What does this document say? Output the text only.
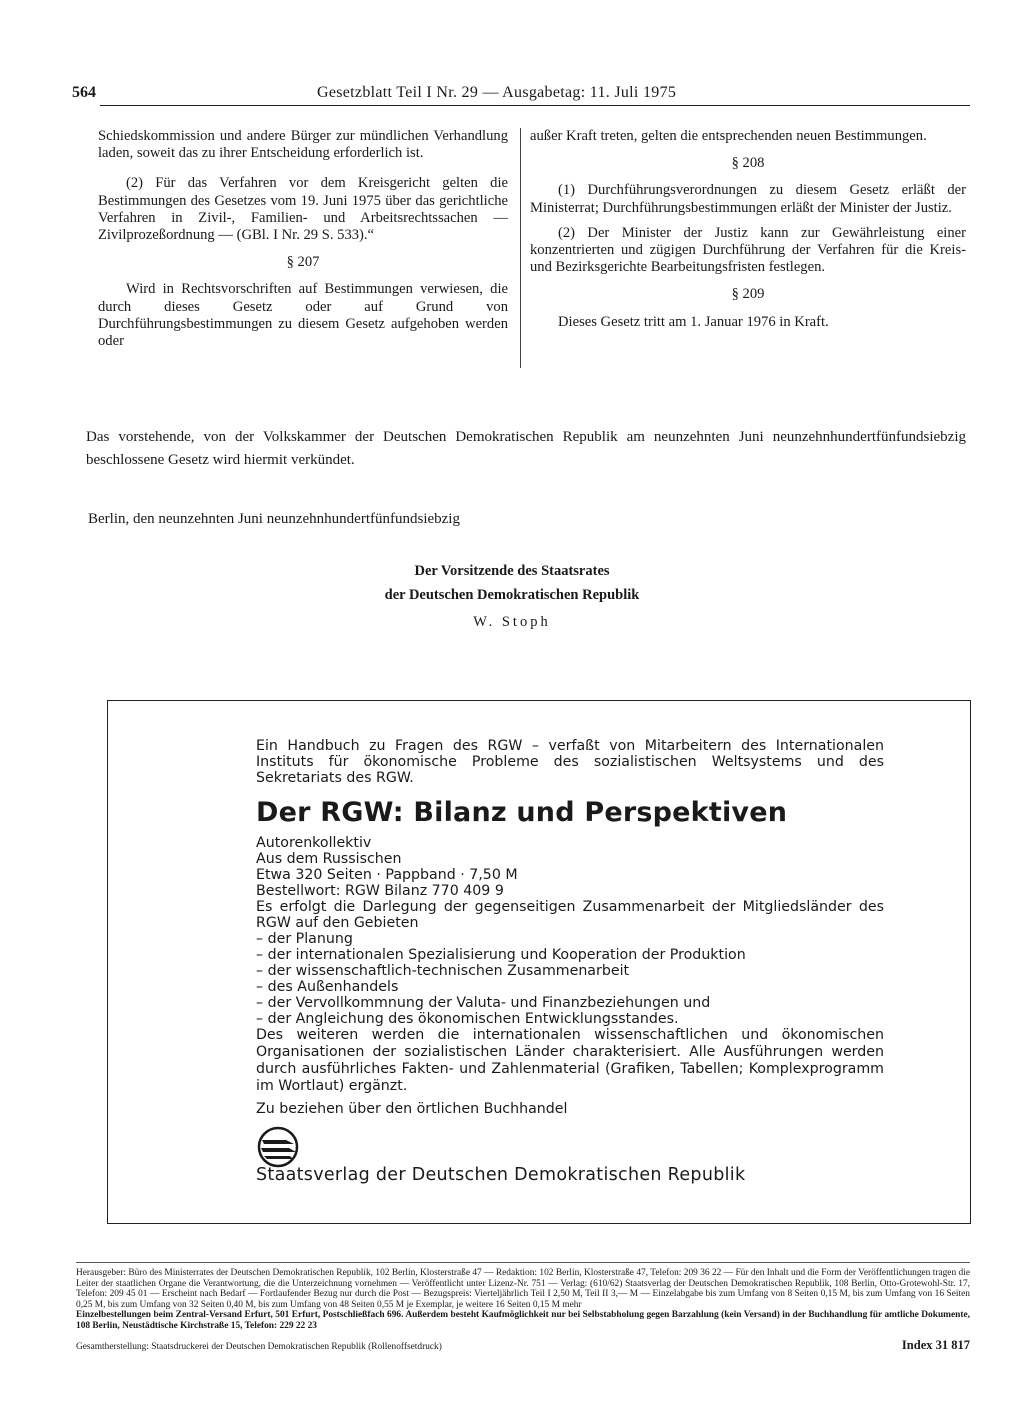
564	Gesetzblatt Teil I Nr. 29 — Ausgabetag: 11. Juli 1975

Schiedskommission und andere Bürger zur mündlichen Verhandlung laden, soweit das zu ihrer Entscheidung erforderlich ist.

(2) Für das Verfahren vor dem Kreisgericht gelten die Bestimmungen des Gesetzes vom 19. Juni 1975 über das gerichtliche Verfahren in Zivil-, Familien- und Arbeitsrechtssachen — Zivilprozeßordnung — (GBl. I Nr. 29 S. 533).“

§ 207

Wird in Rechtsvorschriften auf Bestimmungen verwiesen, die durch dieses Gesetz oder auf Grund von Durchführungsbestimmungen zu diesem Gesetz aufgehoben werden oder

außer Kraft treten, gelten die entsprechenden neuen Bestimmungen.

§ 208

(1) Durchführungsverordnungen zu diesem Gesetz erläßt der Ministerrat; Durchführungsbestimmungen erläßt der Minister der Justiz.

(2) Der Minister der Justiz kann zur Gewährleistung einer konzentrierten und zügigen Durchführung der Verfahren für die Kreis- und Bezirksgerichte Bearbeitungsfristen festlegen.

§ 209

Dieses Gesetz tritt am 1. Januar 1976 in Kraft.

Das vorstehende, von der Volkskammer der Deutschen Demokratischen Republik am neunzehnten Juni neunzehnhundertfünfundsiebzig beschlossene Gesetz wird hiermit verkündet.
Berlin, den neunzehnten Juni neunzehnhundertfünfundsiebzig
Der Vorsitzende des Staatsrates
der Deutschen Demokratischen Republik
W. Stoph
Ein Handbuch zu Fragen des RGW – verfaßt von Mitarbeitern des Internationalen Instituts für ökonomische Probleme des sozialistischen Weltsystems und des Sekretariats des RGW.
Der RGW: Bilanz und Perspektiven

Autorenkollektiv

Aus dem Russischen

Etwa 320 Seiten · Pappband · 7,50 M

Bestellwort: RGW Bilanz 770 409 9

Es erfolgt die Darlegung der gegenseitigen Zusammenarbeit der Mitgliedsländer des RGW auf den Gebieten

– der Planung
– der internationalen Spezialisierung und Kooperation der Produktion
– der wissenschaftlich-technischen Zusammenarbeit
– des Außenhandels
– der Vervollkommnung der Valuta- und Finanzbeziehungen und
– der Angleichung des ökonomischen Entwicklungsstandes.

Des weiteren werden die internationalen wissenschaftlichen und ökonomischen Organisationen der sozialistischen Länder charakterisiert. Alle Ausführungen werden durch ausführliches Fakten- und Zahlenmaterial (Grafiken, Tabellen; Komplexprogramm im Wortlaut) ergänzt.

Zu beziehen über den örtlichen Buchhandel

Staatsverlag der Deutschen Demokratischen Republik

Herausgeber: Büro des Ministerrates der Deutschen Demokratischen Republik, 102 Berlin, Klosterstraße 47 — Redaktion: 102 Berlin, Klosterstraße 47, Telefon: 209 36 22 — Für den Inhalt und die Form der Veröffentlichungen tragen die Leiter der staatlichen Organe die Verantwortung, die die Unterzeichnung vornehmen — Veröffentlicht unter Lizenz-Nr. 751 — Verlag: (610/62) Staatsverlag der Deutschen Demokratischen Republik, 108 Berlin, Otto-Grotewohl-Str. 17, Telefon: 209 45 01 — Erscheint nach Bedarf — Fortlaufender Bezug nur durch die Post — Bezugspreis: Vierteljährlich Teil I 2,50 M, Teil II 3,— M — Einzelabgabe bis zum Umfang von 8 Seiten 0,15 M, bis zum Umfang von 16 Seiten 0,25 M, bis zum Umfang von 32 Seiten 0,40 M, bis zum Umfang von 48 Seiten 0,55 M je Exemplar, je weitere 16 Seiten 0,15 M mehr

Einzelbestellungen beim Zentral-Versand Erfurt, 501 Erfurt, Postschließfach 696. Außerdem besteht Kaufmöglichkeit nur bei Selbstabholung gegen Barzahlung (kein Versand) in der Buchhandlung für amtliche Dokumente, 108 Berlin, Neustädtische Kirchstraße 15, Telefon: 229 22 23

Gesamtherstellung: Staatsdruckerei der Deutschen Demokratischen Republik (Rollenoffsetdruck)	Index 31 817
